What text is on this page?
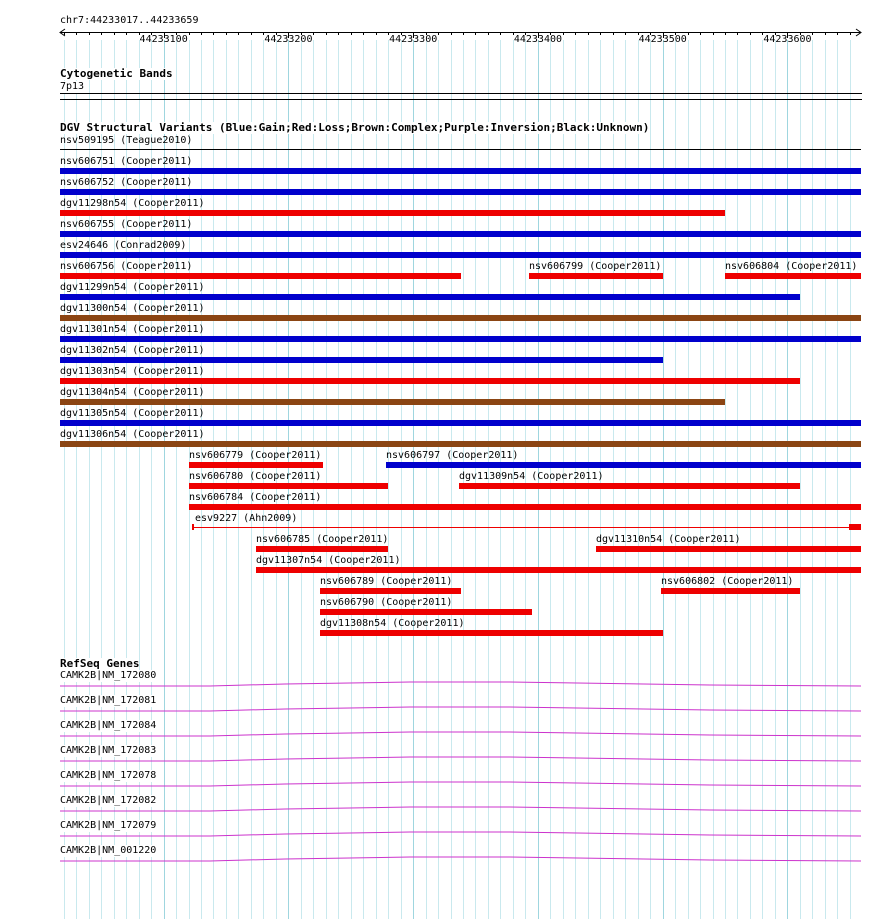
chr7:44233017..44233659
44233100	44233200	44233300	44233400	44233500	44233600
Cytogenetic Bands
7p13
DGV Structural Variants (Blue:Gain;Red:Loss;Brown:Complex;Purple:Inversion;Black:Unknown)
nsv509195 (Teague2010)
nsv606751 (Cooper2011)
nsv606752 (Cooper2011)
dgv11298n54 (Cooper2011)
nsv606755 (Cooper2011)
esv24646 (Conrad2009)
nsv606756 (Cooper2011)	nsv606799 (Cooper2011)	nsv606804 (Cooper2011)
dgv11299n54 (Cooper2011)
dgv11300n54 (Cooper2011)
dgv11301n54 (Cooper2011)
dgv11302n54 (Cooper2011)
dgv11303n54 (Cooper2011)
dgv11304n54 (Cooper2011)
dgv11305n54 (Cooper2011)
dgv11306n54 (Cooper2011)
nsv606779 (Cooper2011)	nsv606797 (Cooper2011)
nsv606780 (Cooper2011)	dgv11309n54 (Cooper2011)
nsv606784 (Cooper2011)
esv9227 (Ahn2009)
nsv606785 (Cooper2011)	dgv11310n54 (Cooper2011)
dgv11307n54 (Cooper2011)
nsv606789 (Cooper2011)	nsv606802 (Cooper2011)
nsv606790 (Cooper2011)
dgv11308n54 (Cooper2011)
RefSeq Genes
CAMK2B|NM_172080
CAMK2B|NM_172081
CAMK2B|NM_172084
CAMK2B|NM_172083
CAMK2B|NM_172078
CAMK2B|NM_172082
CAMK2B|NM_172079
CAMK2B|NM_001220
